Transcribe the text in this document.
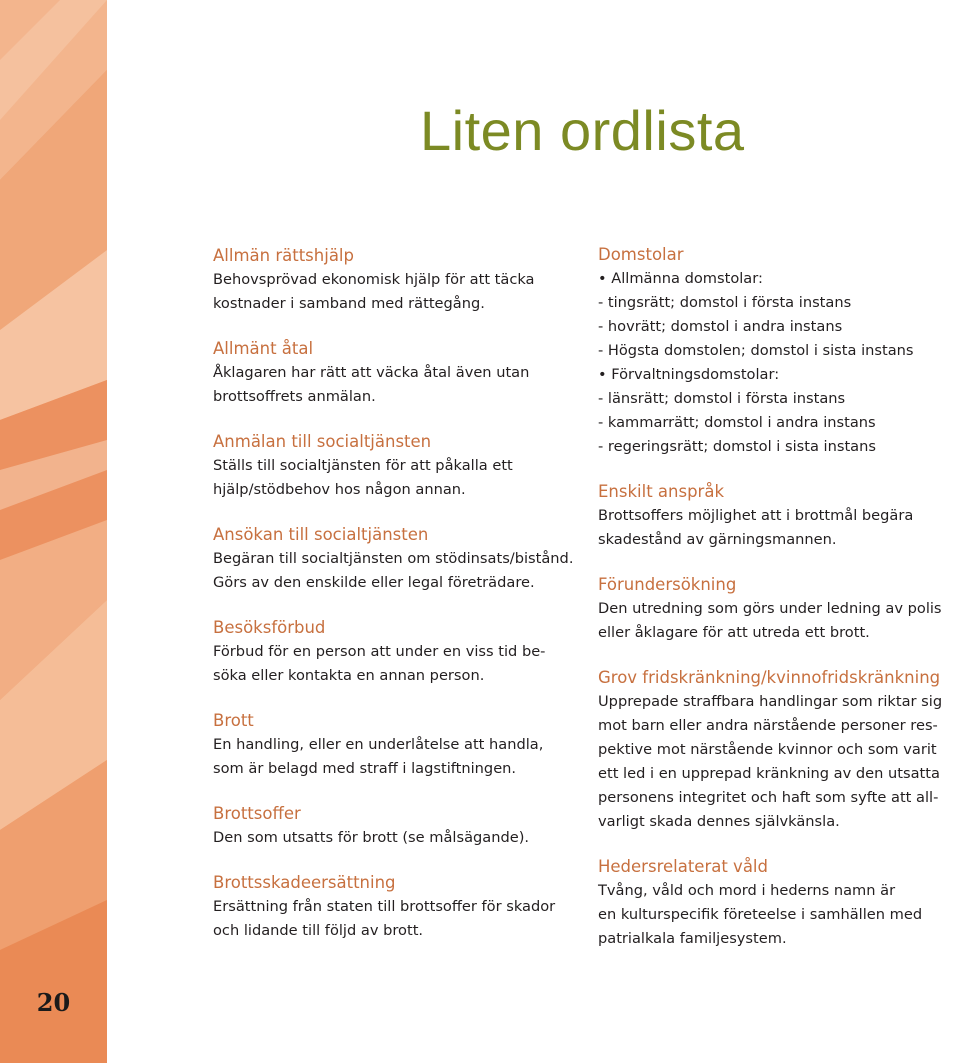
20
Liten ordlista

Allmän rättshjälp

Behovsprövad ekonomisk hjälp för att täcka
kostnader i samband med rättegång.

Allmänt åtal

Åklagaren har rätt att väcka åtal även utan
brottsoffrets anmälan.

Anmälan till socialtjänsten

Ställs till socialtjänsten för att påkalla ett
hjälp/stödbehov hos någon annan.

Ansökan till socialtjänsten

Begäran till socialtjänsten om stödinsats/bistånd.
Görs av den enskilde eller legal företrädare.

Besöksförbud

Förbud för en person att under en viss tid be-
söka eller kontakta en annan person.

Brott

En handling, eller en underlåtelse att handla,
som är belagd med straff i lagstiftningen.

Brottsoffer

Den som utsatts för brott (se målsägande).

Brottsskadeersättning

Ersättning från staten till brottsoffer för skador
och lidande till följd av brott.

Domstolar

• Allmänna domstolar:
- tingsrätt; domstol i första instans
- hovrätt; domstol i andra instans
- Högsta domstolen; domstol i sista instans
• Förvaltningsdomstolar:
- länsrätt; domstol i första instans
- kammarrätt; domstol i andra instans
- regeringsrätt; domstol i sista instans

Enskilt anspråk

Brottsoffers möjlighet att i brottmål begära
skadestånd av gärningsmannen.

Förundersökning

Den utredning som görs under ledning av polis
eller åklagare för att utreda ett brott.

Grov fridskränkning/kvinnofridskränkning

Upprepade straffbara handlingar som riktar sig
mot barn eller andra närstående personer res-
pektive mot närstående kvinnor och som varit
ett led i en upprepad kränkning av den utsatta
personens integritet och haft som syfte att all-
varligt skada dennes självkänsla.

Hedersrelaterat våld

Tvång, våld och mord i hederns namn är
en kulturspecifik företeelse i samhällen med
patrialkala familjesystem.
